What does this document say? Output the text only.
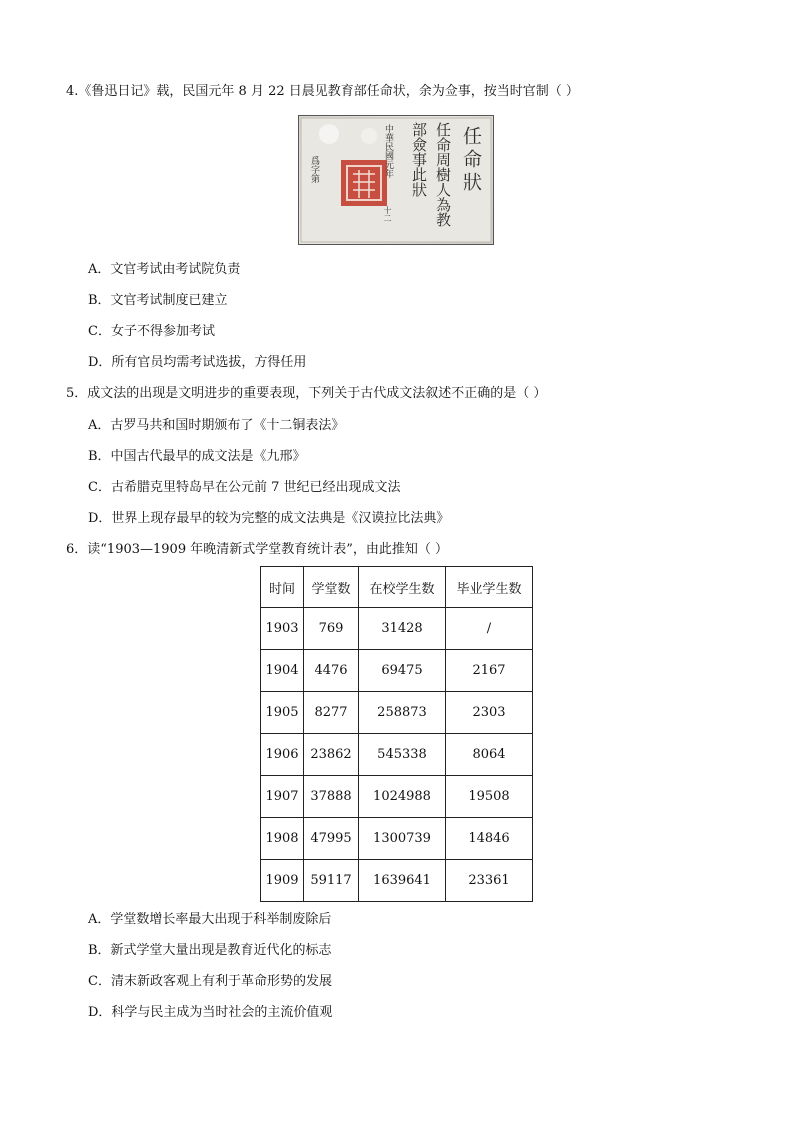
4.《鲁迅日记》载，民国元年 8 月 22 日晨见教育部任命状，余为佥事，按当时官制（ ）
任命狀
任命周樹人為教
部僉事此狀
中華民國元年
十二
爲字第
A．文官考试由考试院负责
B．文官考试制度已建立
C．女子不得参加考试
D．所有官员均需考试选拔，方得任用
5．成文法的出现是文明进步的重要表现，下列关于古代成文法叙述不正确的是（ ）
A．古罗马共和国时期颁布了《十二铜表法》
B．中国古代最早的成文法是《九邢》
C．古希腊克里特岛早在公元前 7 世纪已经出现成文法
D．世界上现存最早的较为完整的成文法典是《汉谟拉比法典》
6．读“1903—1909 年晚清新式学堂教育统计表”，由此推知（ ）
时间	学堂数	在校学生数	毕业学生数
1903	769	31428	/
1904	4476	69475	2167
1905	8277	258873	2303
1906	23862	545338	8064
1907	37888	1024988	19508
1908	47995	1300739	14846
1909	59117	1639641	23361
A．学堂数增长率最大出现于科举制废除后
B．新式学堂大量出现是教育近代化的标志
C．清末新政客观上有利于革命形势的发展
D．科学与民主成为当时社会的主流价值观
